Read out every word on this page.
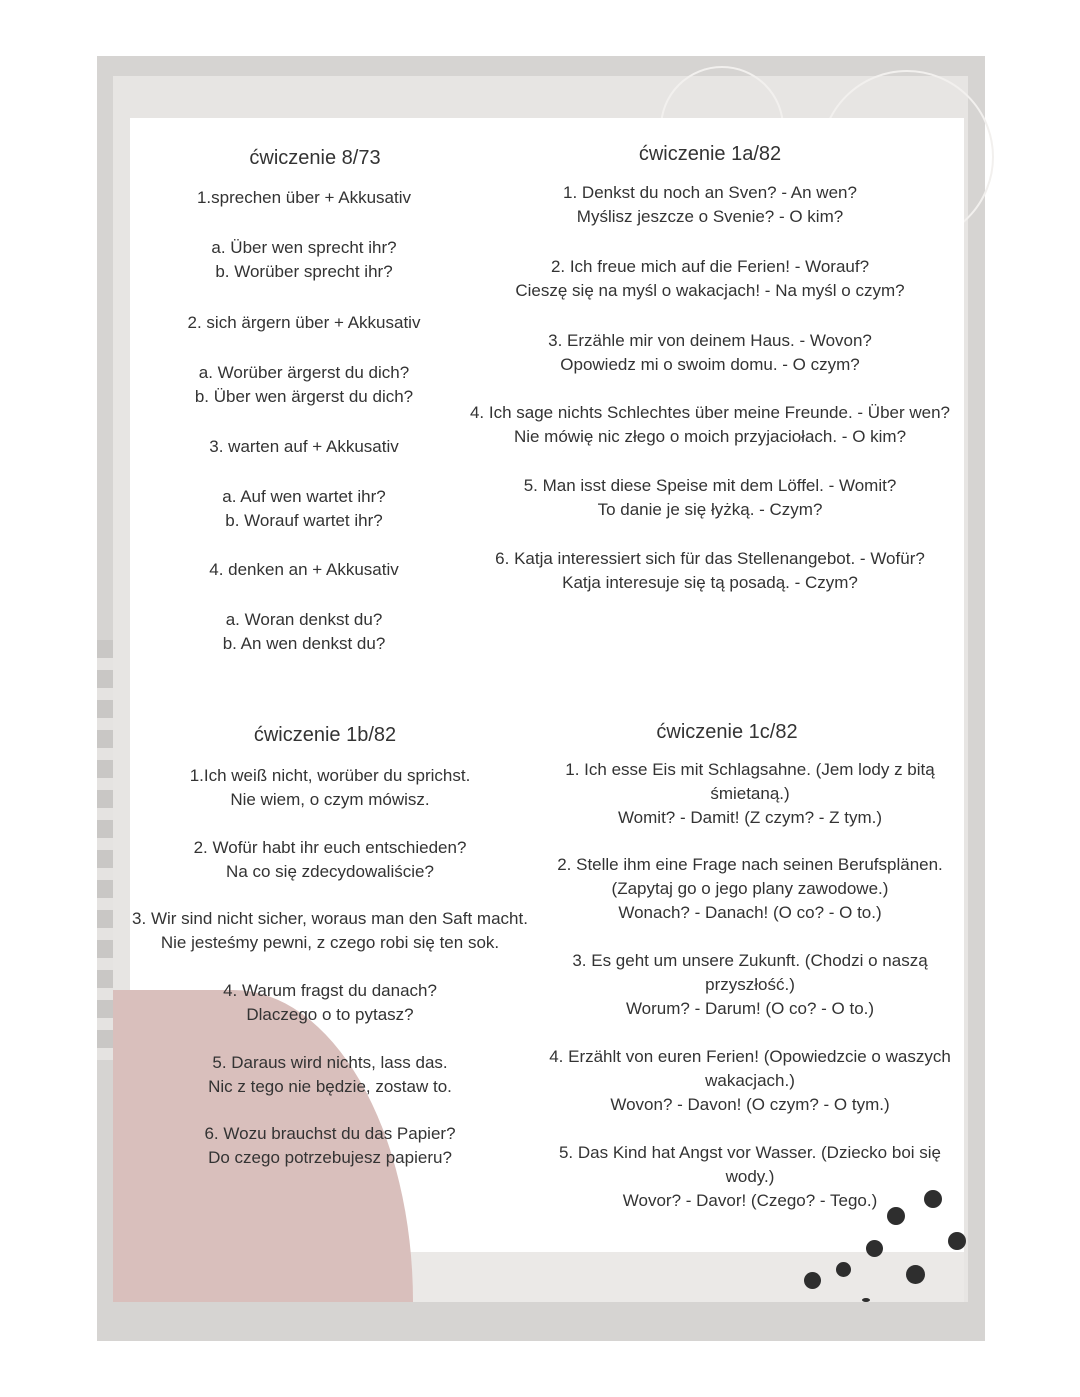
ćwiczenie 8/73
1.sprechen über + Akkusativ
a. Über wen sprecht ihr?
b. Worüber sprecht ihr?
2. sich ärgern über + Akkusativ
a. Worüber ärgerst du dich?
b. Über wen ärgerst du dich?
3. warten auf + Akkusativ
a. Auf wen wartet ihr?
b. Worauf wartet ihr?
4. denken an + Akkusativ
a. Woran denkst du?
b. An wen denkst du?
ćwiczenie 1a/82
1. Denkst du noch an Sven? - An wen?
Myślisz jeszcze o Svenie? - O kim?
2. Ich freue mich auf die Ferien! - Worauf?
Cieszę się na myśl o wakacjach! - Na myśl o czym?
3. Erzähle mir von deinem Haus. - Wovon?
Opowiedz mi o swoim domu. - O czym?
4. Ich sage nichts Schlechtes über meine Freunde. - Über wen?
Nie mówię nic złego o moich przyjaciołach. - O kim?
5. Man isst diese Speise mit dem Löffel. - Womit?
To danie je się łyżką. - Czym?
6. Katja interessiert sich für das Stellenangebot. - Wofür?
Katja interesuje się tą posadą. - Czym?
ćwiczenie 1b/82
1.Ich weiß nicht, worüber du sprichst.
Nie wiem, o czym mówisz.
2. Wofür habt ihr euch entschieden?
Na co się zdecydowaliście?
3. Wir sind nicht sicher, woraus man den Saft macht.
Nie jesteśmy pewni, z czego robi się ten sok.
4. Warum fragst du danach?
Dlaczego o to pytasz?
5. Daraus wird nichts, lass das.
Nic z tego nie będzie, zostaw to.
6. Wozu brauchst du das Papier?
Do czego potrzebujesz papieru?
ćwiczenie 1c/82
1. Ich esse Eis mit Schlagsahne. (Jem lody z bitą
śmietaną.)
Womit? - Damit! (Z czym? - Z tym.)
2. Stelle ihm eine Frage nach seinen Berufsplänen.
(Zapytaj go o jego plany zawodowe.)
Wonach? - Danach! (O co? - O to.)
3. Es geht um unsere Zukunft. (Chodzi o naszą
przyszłość.)
Worum? - Darum! (O co? - O to.)
4. Erzählt von euren Ferien! (Opowiedzcie o waszych
wakacjach.)
Wovon? - Davon! (O czym? - O tym.)
5. Das Kind hat Angst vor Wasser. (Dziecko boi się
wody.)
Wovor? - Davor! (Czego? - Tego.)
